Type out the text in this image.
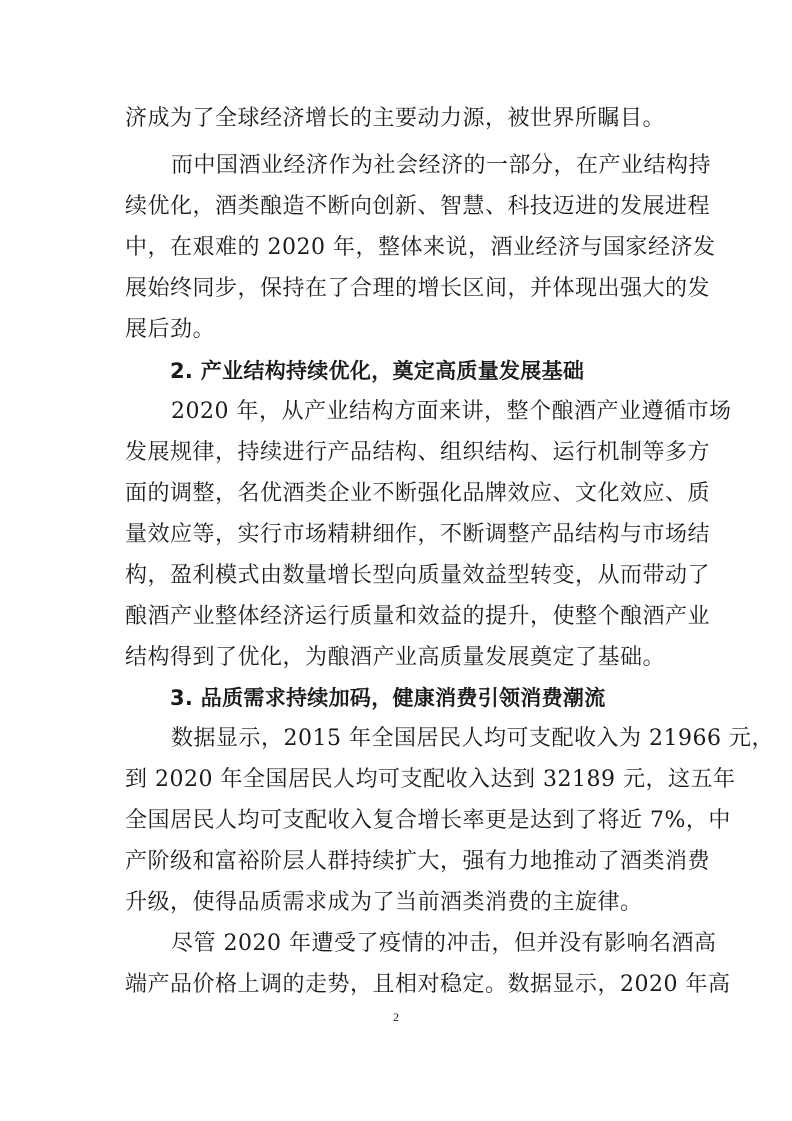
济成为了全球经济增长的主要动力源，被世界所瞩目。
而中国酒业经济作为社会经济的一部分，在产业结构持
续优化，酒类酿造不断向创新、智慧、科技迈进的发展进程
中，在艰难的 2020 年，整体来说，酒业经济与国家经济发
展始终同步，保持在了合理的增长区间，并体现出强大的发
展后劲。
2. 产业结构持续优化，奠定高质量发展基础
2020 年，从产业结构方面来讲，整个酿酒产业遵循市场
发展规律，持续进行产品结构、组织结构、运行机制等多方
面的调整，名优酒类企业不断强化品牌效应、文化效应、质
量效应等，实行市场精耕细作，不断调整产品结构与市场结
构，盈利模式由数量增长型向质量效益型转变，从而带动了
酿酒产业整体经济运行质量和效益的提升，使整个酿酒产业
结构得到了优化，为酿酒产业高质量发展奠定了基础。
3. 品质需求持续加码，健康消费引领消费潮流
数据显示，2015 年全国居民人均可支配收入为 21966 元，
到 2020 年全国居民人均可支配收入达到 32189 元，这五年
全国居民人均可支配收入复合增长率更是达到了将近 7%，中
产阶级和富裕阶层人群持续扩大，强有力地推动了酒类消费
升级，使得品质需求成为了当前酒类消费的主旋律。
尽管 2020 年遭受了疫情的冲击，但并没有影响名酒高
端产品价格上调的走势，且相对稳定。数据显示，2020 年高
2
